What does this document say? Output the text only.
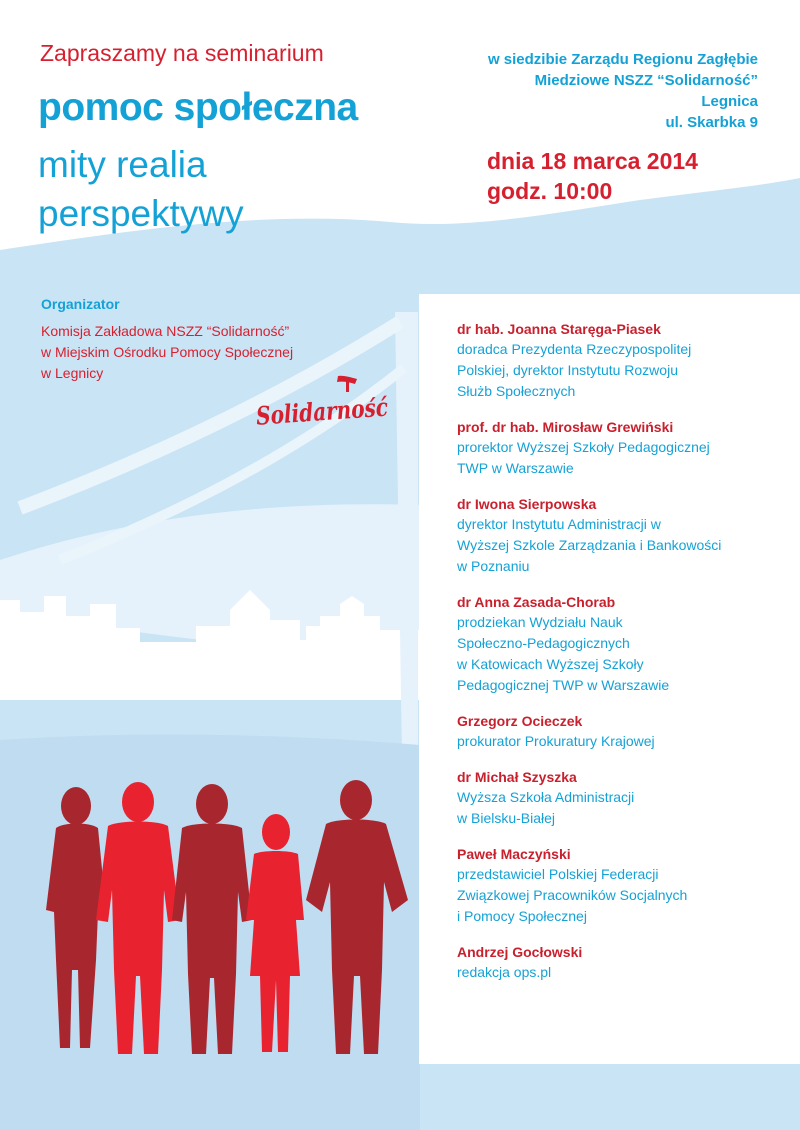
Zapraszamy na seminarium

pomoc społeczna

mity realia

perspektywy

w siedzibie Zarządu Regionu Zagłębie
Miedziowe NSZZ “Solidarność”
Legnica
ul. Skarbka 9
dnia 18 marca 2014
godz. 10:00

Organizator

Komisja Zakładowa NSZZ “Solidarność”
w Miejskim Ośrodku Pomocy Społecznej
w Legnicy
Solidarność
dr hab. Joanna Staręga-Piasek
doradca Prezydenta Rzeczypospolitej
Polskiej, dyrektor Instytutu Rozwoju
Służb Społecznych
prof. dr hab. Mirosław Grewiński
prorektor Wyższej Szkoły Pedagogicznej
TWP w Warszawie
dr Iwona Sierpowska
dyrektor Instytutu Administracji w
Wyższej Szkole Zarządzania i Bankowości
w Poznaniu
dr Anna Zasada-Chorab
prodziekan Wydziału Nauk
Społeczno-Pedagogicznych
w Katowicach Wyższej Szkoły
Pedagogicznej TWP w Warszawie
Grzegorz Ocieczek
prokurator Prokuratury Krajowej
dr Michał Szyszka
Wyższa Szkoła Administracji
w Bielsku-Białej
Paweł Maczyński
przedstawiciel Polskiej Federacji
Związkowej Pracowników Socjalnych
i Pomocy Społecznej
Andrzej Gocłowski
redakcja ops.pl
